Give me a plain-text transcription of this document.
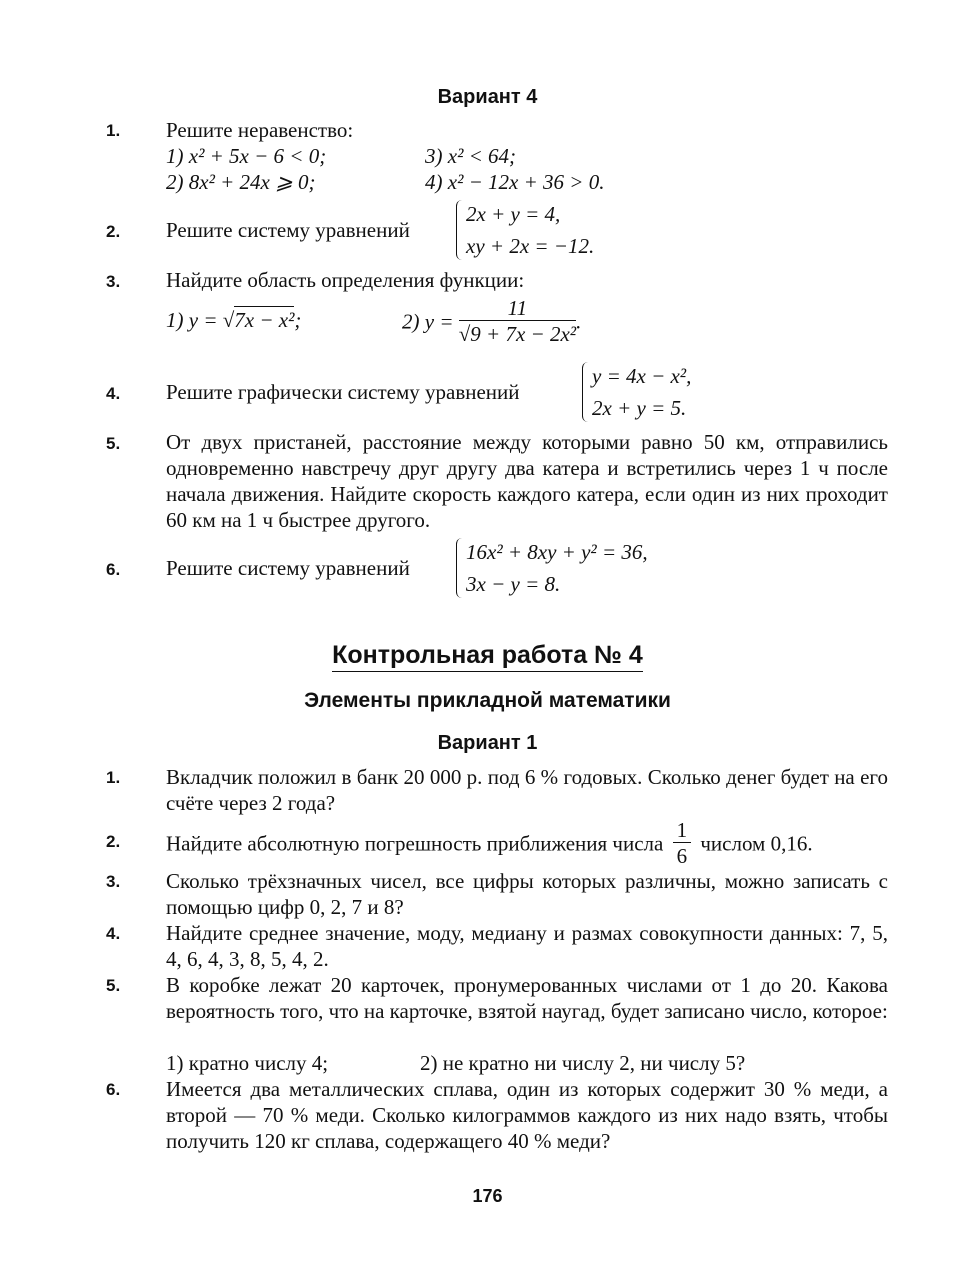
Вариант 4
1. Решите неравенство:
1) x² + 5x − 6 < 0;	3) x² < 64;
2) 8x² + 24x ⩾ 0;	4) x² − 12x + 36 > 0.
2. Решите систему уравнений
2x + y = 4,
xy + 2x = −12.
3. Найдите область определения функции:
1) y = √7x − x²;	2) $y = \frac{11}{\text{√9 + 7x − 2x²}}$ .
4. Решите графически систему уравнений
y = 4x − x²,
2x + y = 5.
5. От двух пристаней, расстояние между которыми равно 50 км, отправились одновременно навстречу друг другу два катера и встретились через 1 ч после начала движения. Найдите скорость каждого катера, если один из них проходит 60 км на 1 ч быстрее другого.
6. Решите систему уравнений
16x² + 8xy + y² = 36,
3x − y = 8.
Контрольная работа № 4
Элементы прикладной математики
Вариант 1
1. Вкладчик положил в банк 20 000 р. под 6 % годовых. Сколько денег будет на его счёте через 2 года?
2. Найдите абсолютную погрешность приближения числа $\frac{1}{6}$ числом 0,16.
3. Сколько трёхзначных чисел, все цифры которых различны, можно записать с помощью цифр 0, 2, 7 и 8?
4. Найдите среднее значение, моду, медиану и размах совокупности данных: 7, 5, 4, 6, 4, 3, 8, 5, 4, 2.
5. В коробке лежат 20 карточек, пронумерованных числами от 1 до 20. Какова вероятность того, что на карточке, взятой наугад, будет записано число, которое:
1) кратно числу 4;	2) не кратно ни числу 2, ни числу 5?
6. Имеется два металлических сплава, один из которых содержит 30 % меди, а второй — 70 % меди. Сколько килограммов каждого из них надо взять, чтобы получить 120 кг сплава, содержащего 40 % меди?
176
